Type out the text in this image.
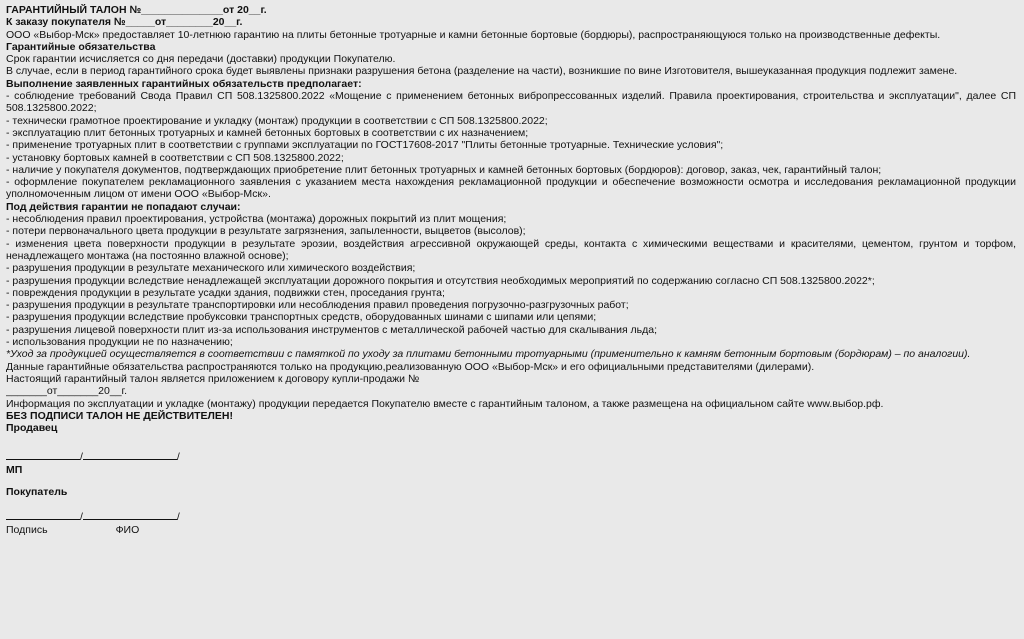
ГАРАНТИЙНЫЙ ТАЛОН №______________от 20__г.

К заказу покупателя №_____от________20__г.

ООО «Выбор-Мск» предоставляет 10-летнюю гарантию на плиты бетонные тротуарные и камни бетонные бортовые (бордюры), распространяющуюся только на производственные дефекты.

Гарантийные обязательства

Срок гарантии исчисляется со дня передачи (доставки) продукции Покупателю.

В случае, если в период гарантийного срока будет выявлены признаки разрушения бетона (разделение на части), возникшие по вине Изготовителя, вышеуказанная продукция подлежит замене.

Выполнение заявленных гарантийных обязательств предполагает:

- соблюдение требований Свода Правил СП 508.1325800.2022 «Мощение с применением бетонных вибропрессованных изделий. Правила проектирования, строительства и эксплуатации", далее СП 508.1325800.2022;

- технически грамотное проектирование и укладку (монтаж) продукции в соответствии с СП 508.1325800.2022;

- эксплуатацию плит бетонных тротуарных и камней бетонных бортовых в соответствии с их назначением;

- применение тротуарных плит в соответствии с группами эксплуатации по ГОСТ17608-2017 "Плиты бетонные тротуарные. Технические условия";

- установку бортовых камней в соответствии с СП 508.1325800.2022;

- наличие у покупателя документов, подтверждающих приобретение плит бетонных тротуарных и камней бетонных бортовых (бордюров): договор, заказ, чек, гарантийный талон;

- оформление покупателем рекламационного заявления с указанием места нахождения рекламационной продукции и обеспечение возможности осмотра и исследования рекламационной продукции уполномоченным лицом от имени ООО «Выбор-Мск».

Под действия гарантии не попадают случаи:

- несоблюдения правил проектирования, устройства (монтажа) дорожных покрытий из плит мощения;

- потери первоначального цвета продукции в результате загрязнения, запыленности, выцветов (высолов);

- изменения цвета поверхности продукции в результате эрозии, воздействия агрессивной окружающей среды, контакта с химическими веществами и красителями, цементом, грунтом и торфом, ненадлежащего монтажа (на постоянно влажной основе);

- разрушения продукции в результате механического или химического воздействия;

- разрушения продукции вследствие ненадлежащей эксплуатации дорожного покрытия и отсутствия необходимых мероприятий по содержанию согласно СП 508.1325800.2022*;

- повреждения продукции в результате усадки здания, подвижки стен, проседания грунта;

- разрушения продукции в результате транспортировки или несоблюдения правил проведения погрузочно-разгрузочных работ;

- разрушения продукции вследствие пробуксовки транспортных средств, оборудованных шинами с шипами или цепями;

- разрушения лицевой поверхности плит из-за использования инструментов с металлической рабочей частью для скалывания льда;

- использования продукции не по назначению;

*Уход за продукцией осуществляется в соответствии с памяткой по уходу за плитами бетонными тротуарными (применительно к камням бетонным бортовым (бордюрам) – по аналогии).

Данные гарантийные обязательства распространяются только на продукцию,реализованную ООО «Выбор-Мск» и его официальными представителями (дилерами).

Настоящий гарантийный талон является приложением к договору купли-продажи №

_______от_______20__г.

Информация по эксплуатации и укладке (монтажу) продукции передается Покупателю вместе с гарантийным талоном, а также размещена на официальном сайте www.выбор.рф.

БЕЗ ПОДПИСИ ТАЛОН НЕ ДЕЙСТВИТЕЛЕН!

Продавец

/	/

МП

Покупатель

/	/

Подпись	ФИО
